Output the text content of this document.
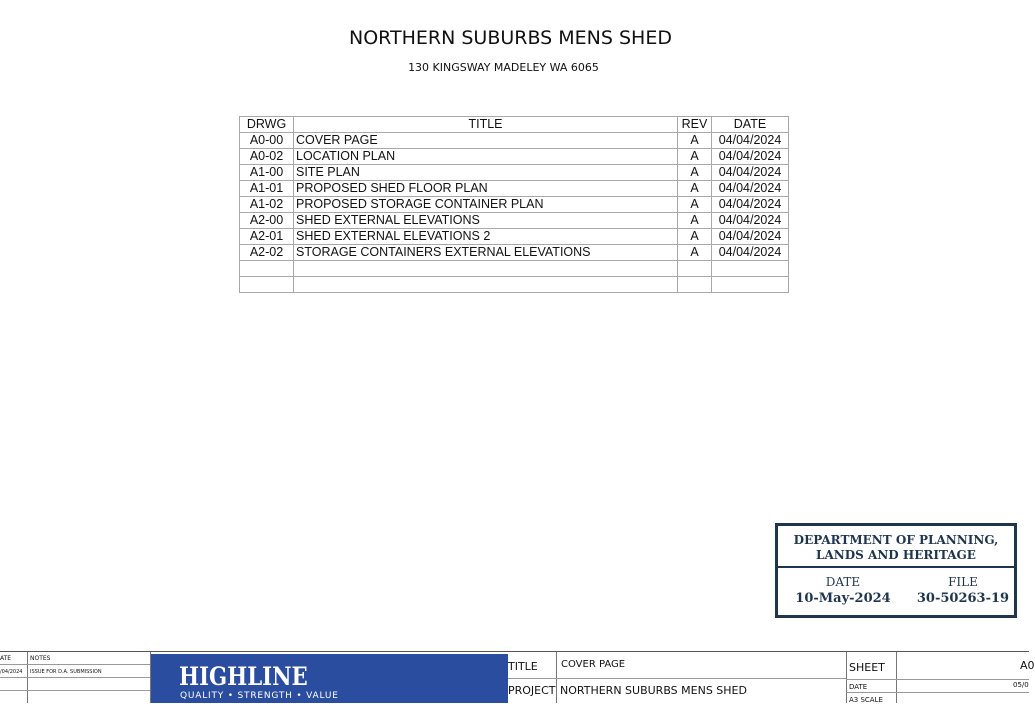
NORTHERN SUBURBS MENS SHED
130 KINGSWAY MADELEY WA 6065
DRWG	TITLE	REV	DATE
A0-00	COVER PAGE	A	04/04/2024
A0-02	LOCATION PLAN	A	04/04/2024
A1-00	SITE PLAN	A	04/04/2024
A1-01	PROPOSED SHED FLOOR PLAN	A	04/04/2024
A1-02	PROPOSED STORAGE CONTAINER PLAN	A	04/04/2024
A2-00	SHED EXTERNAL ELEVATIONS	A	04/04/2024
A2-01	SHED EXTERNAL ELEVATIONS 2	A	04/04/2024
A2-02	STORAGE CONTAINERS EXTERNAL ELEVATIONS	A	04/04/2024

DEPARTMENT OF PLANNING, LANDS AND HERITAGE
DATE
10-May-2024
FILE
30-50263-19
ATE	NOTES
/04/2024 ISSUE FOR D.A. SUBMISSION	HIGHLINE
QUALITY • STRENGTH • VALUE
TITLE COVER PAGE
PROJECT NORTHERN SUBURBS MENS SHED
SHEET	A0
DATE	05/0
A3 SCALE
